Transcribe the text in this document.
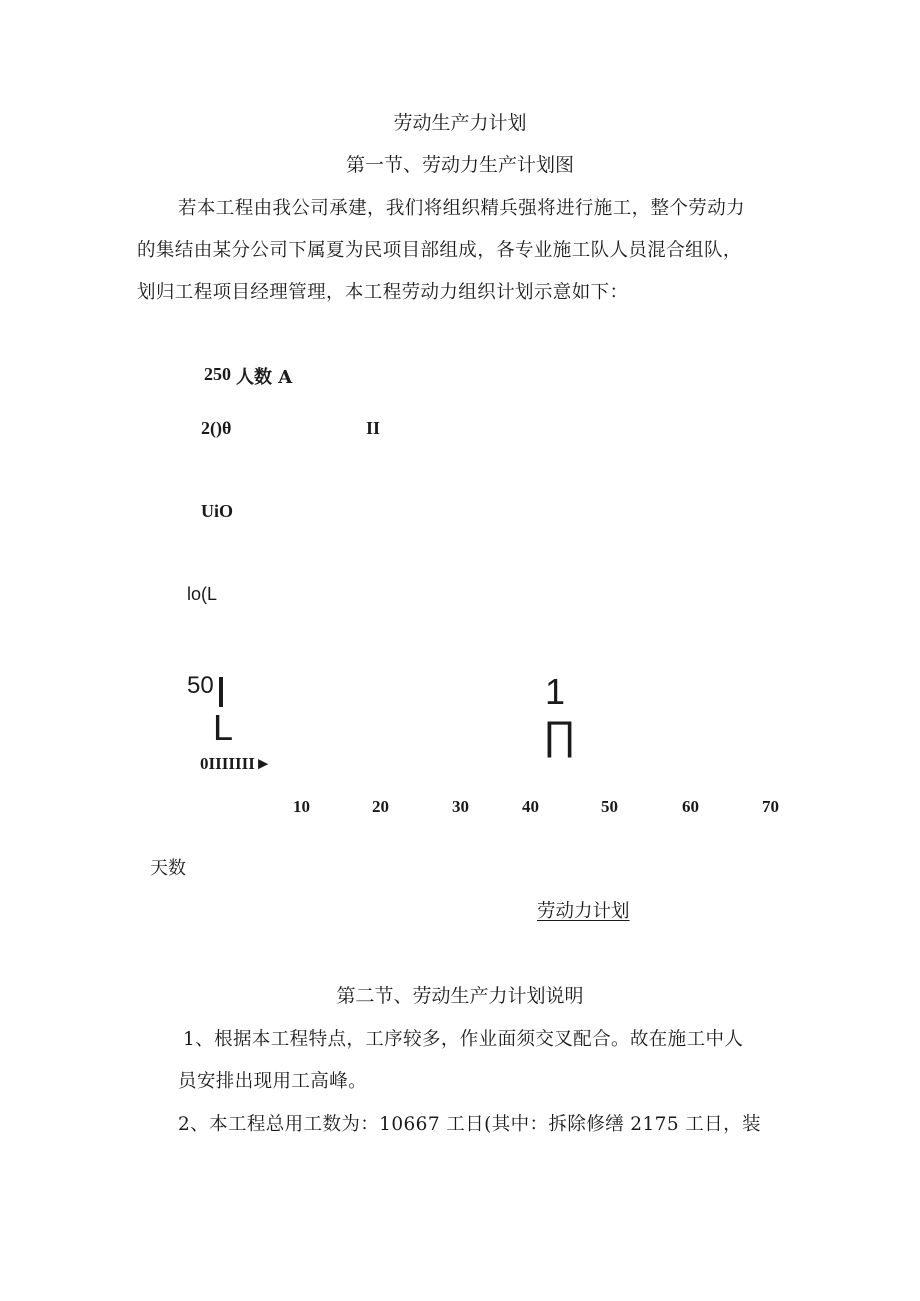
劳动生产力计划
第一节、劳动力生产计划图
若本工程由我公司承建，我们将组织精兵强将进行施工，整个劳动力
的集结由某分公司下属夏为民项目部组成，各专业施工队人员混合组队，
划归工程项目经理管理，本工程劳动力组织计划示意如下：
250 人数 A
2()θ	II
UiO
lo(L
50
L
1
∏
0IIIIIII►
10	20	30	40	50	60	70
天数
劳动力计划
第二节、劳动生产力计划说明
1、根据本工程特点，工序较多，作业面须交叉配合。故在施工中人
员安排出现用工高峰。
2、本工程总用工数为：10667 工日(其中：拆除修缮 2175 工日，装
